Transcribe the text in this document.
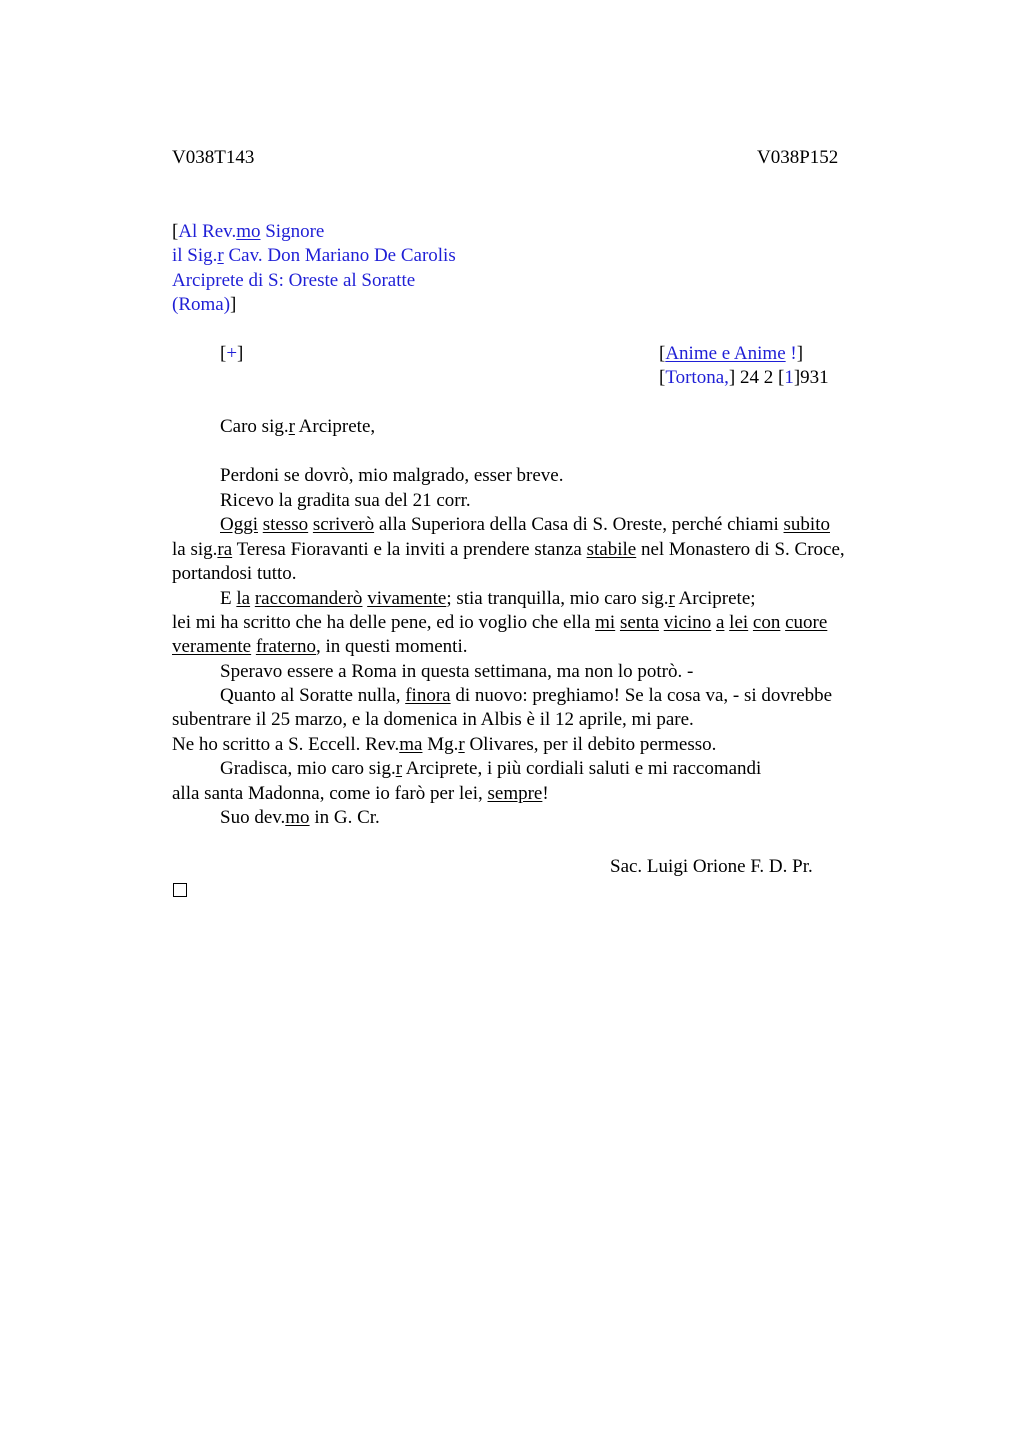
V038T143	V038P152
[Al Rev.mo Signore
il Sig.r Cav. Don Mariano De Carolis
Arciprete di S: Oreste al Soratte
(Roma)]
[+]	[Anime e Anime !]
[Tortona,] 24 2 [1]931
Caro sig.r Arciprete,
Perdoni se dovrò, mio malgrado, esser breve.
Ricevo la gradita sua del 21 corr.
Oggi stesso scriverò alla Superiora della Casa di S. Oreste, perché chiami subito
la sig.ra Teresa Fioravanti e la inviti a prendere stanza stabile nel Monastero di S. Croce,
portandosi tutto.
E la raccomanderò vivamente; stia tranquilla, mio caro sig.r Arciprete;
lei mi ha scritto che ha delle pene, ed io voglio che ella mi senta vicino a lei con cuore
veramente fraterno, in questi momenti.
Speravo essere a Roma in questa settimana, ma non lo potrò. -
Quanto al Soratte nulla, finora di nuovo: preghiamo! Se la cosa va, - si dovrebbe
subentrare il 25 marzo, e la domenica in Albis è il 12 aprile, mi pare.
Ne ho scritto a S. Eccell. Rev.ma Mg.r Olivares, per il debito permesso.
Gradisca, mio caro sig.r Arciprete, i più cordiali saluti e mi raccomandi
alla santa Madonna, come io farò per lei, sempre!
Suo dev.mo in G. Cr.
Sac. Luigi Orione F. D. Pr.
